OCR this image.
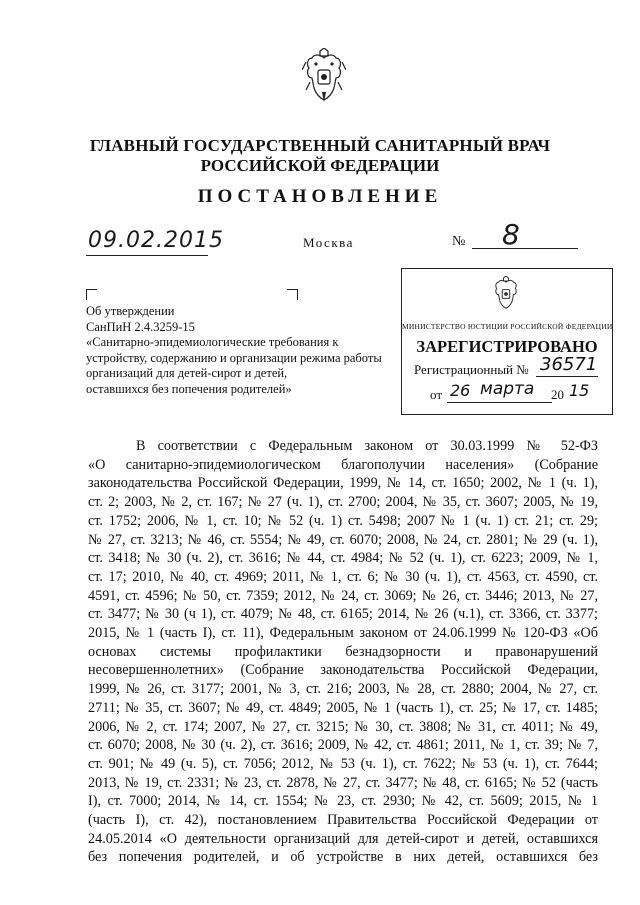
ГЛАВНЫЙ ГОСУДАРСТВЕННЫЙ САНИТАРНЫЙ ВРАЧ
РОССИЙСКОЙ ФЕДЕРАЦИИ
ПОСТАНОВЛЕНИЕ
09.02.2015	Москва	№ 8
Об утверждении
СанПиН 2.4.3259-15
«Санитарно-эпидемиологические требования к
устройству, содержанию и организации режима работы
организаций для детей-сирот и детей,
оставшихся без попечения родителей»
МИНИСТЕРСТВО ЮСТИЦИИ РОССИЙСКОЙ ФЕДЕРАЦИИ
ЗАРЕГИСТРИРОВАНО
Регистрационный № 36571
от 26 марта 20 15
В соответствии с Федеральным законом от 30.03.1999 № 52-ФЗ
«О санитарно-эпидемиологическом благополучии населения» (Собрание
законодательства Российской Федерации, 1999, № 14, ст. 1650; 2002, № 1 (ч. 1),
ст. 2; 2003, № 2, ст. 167; № 27 (ч. 1), ст. 2700; 2004, № 35, ст. 3607; 2005, № 19,
ст. 1752; 2006, № 1, ст. 10; № 52 (ч. 1) ст. 5498; 2007 № 1 (ч. 1) ст. 21; ст. 29;
№ 27, ст. 3213; № 46, ст. 5554; № 49, ст. 6070; 2008, № 24, ст. 2801; № 29 (ч. 1),
ст. 3418; № 30 (ч. 2), ст. 3616; № 44, ст. 4984; № 52 (ч. 1), ст. 6223; 2009, № 1,
ст. 17; 2010, № 40, ст. 4969; 2011, № 1, ст. 6; № 30 (ч. 1), ст. 4563, ст. 4590, ст.
4591, ст. 4596; № 50, ст. 7359; 2012, № 24, ст. 3069; № 26, ст. 3446; 2013, № 27,
ст. 3477; № 30 (ч 1), ст. 4079; № 48, ст. 6165; 2014, № 26 (ч.1), ст. 3366, ст. 3377;
2015, № 1 (часть I), ст. 11), Федеральным законом от 24.06.1999 № 120-ФЗ «Об
основах системы профилактики безнадзорности и правонарушений
несовершеннолетних» (Собрание законодательства Российской Федерации,
1999, № 26, ст. 3177; 2001, № 3, ст. 216; 2003, № 28, ст. 2880; 2004, № 27, ст.
2711; № 35, ст. 3607; № 49, ст. 4849; 2005, № 1 (часть 1), ст. 25; № 17, ст. 1485;
2006, № 2, ст. 174; 2007, № 27, ст. 3215; № 30, ст. 3808; № 31, ст. 4011; № 49,
ст. 6070; 2008, № 30 (ч. 2), ст. 3616; 2009, № 42, ст. 4861; 2011, № 1, ст. 39; № 7,
ст. 901; № 49 (ч. 5), ст. 7056; 2012, № 53 (ч. 1), ст. 7622; № 53 (ч. 1), ст. 7644;
2013, № 19, ст. 2331; № 23, ст. 2878, № 27, ст. 3477; № 48, ст. 6165; № 52 (часть
I), ст. 7000; 2014, № 14, ст. 1554; № 23, ст. 2930; № 42, ст. 5609; 2015, № 1
(часть I), ст. 42), постановлением Правительства Российской Федерации от
24.05.2014 «О деятельности организаций для детей-сирот и детей, оставшихся
без попечения родителей, и об устройстве в них детей, оставшихся без
